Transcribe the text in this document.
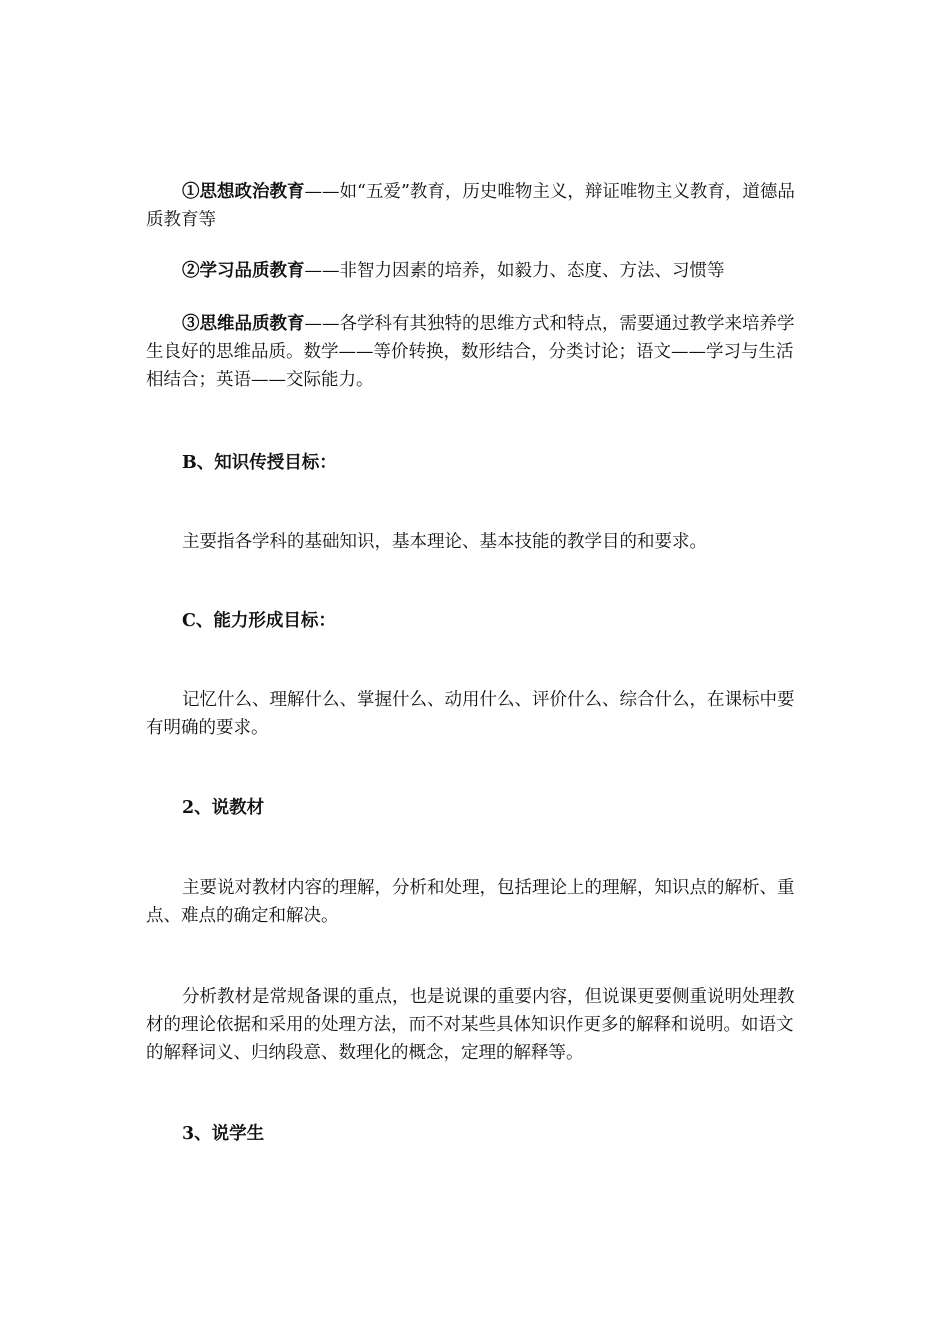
①思想政治教育——如“五爱”教育，历史唯物主义，辩证唯物主义教育，道德品质教育等

②学习品质教育——非智力因素的培养，如毅力、态度、方法、习惯等

③思维品质教育——各学科有其独特的思维方式和特点，需要通过教学来培养学生良好的思维品质。数学——等价转换，数形结合，分类讨论；语文——学习与生活相结合；英语——交际能力。

B、知识传授目标：

主要指各学科的基础知识，基本理论、基本技能的教学目的和要求。

C、能力形成目标：

记忆什么、理解什么、掌握什么、动用什么、评价什么、综合什么，在课标中要有明确的要求。

2、说教材

主要说对教材内容的理解，分析和处理，包括理论上的理解，知识点的解析、重点、难点的确定和解决。

分析教材是常规备课的重点，也是说课的重要内容，但说课更要侧重说明处理教材的理论依据和采用的处理方法，而不对某些具体知识作更多的解释和说明。如语文的解释词义、归纳段意、数理化的概念，定理的解释等。

3、说学生
